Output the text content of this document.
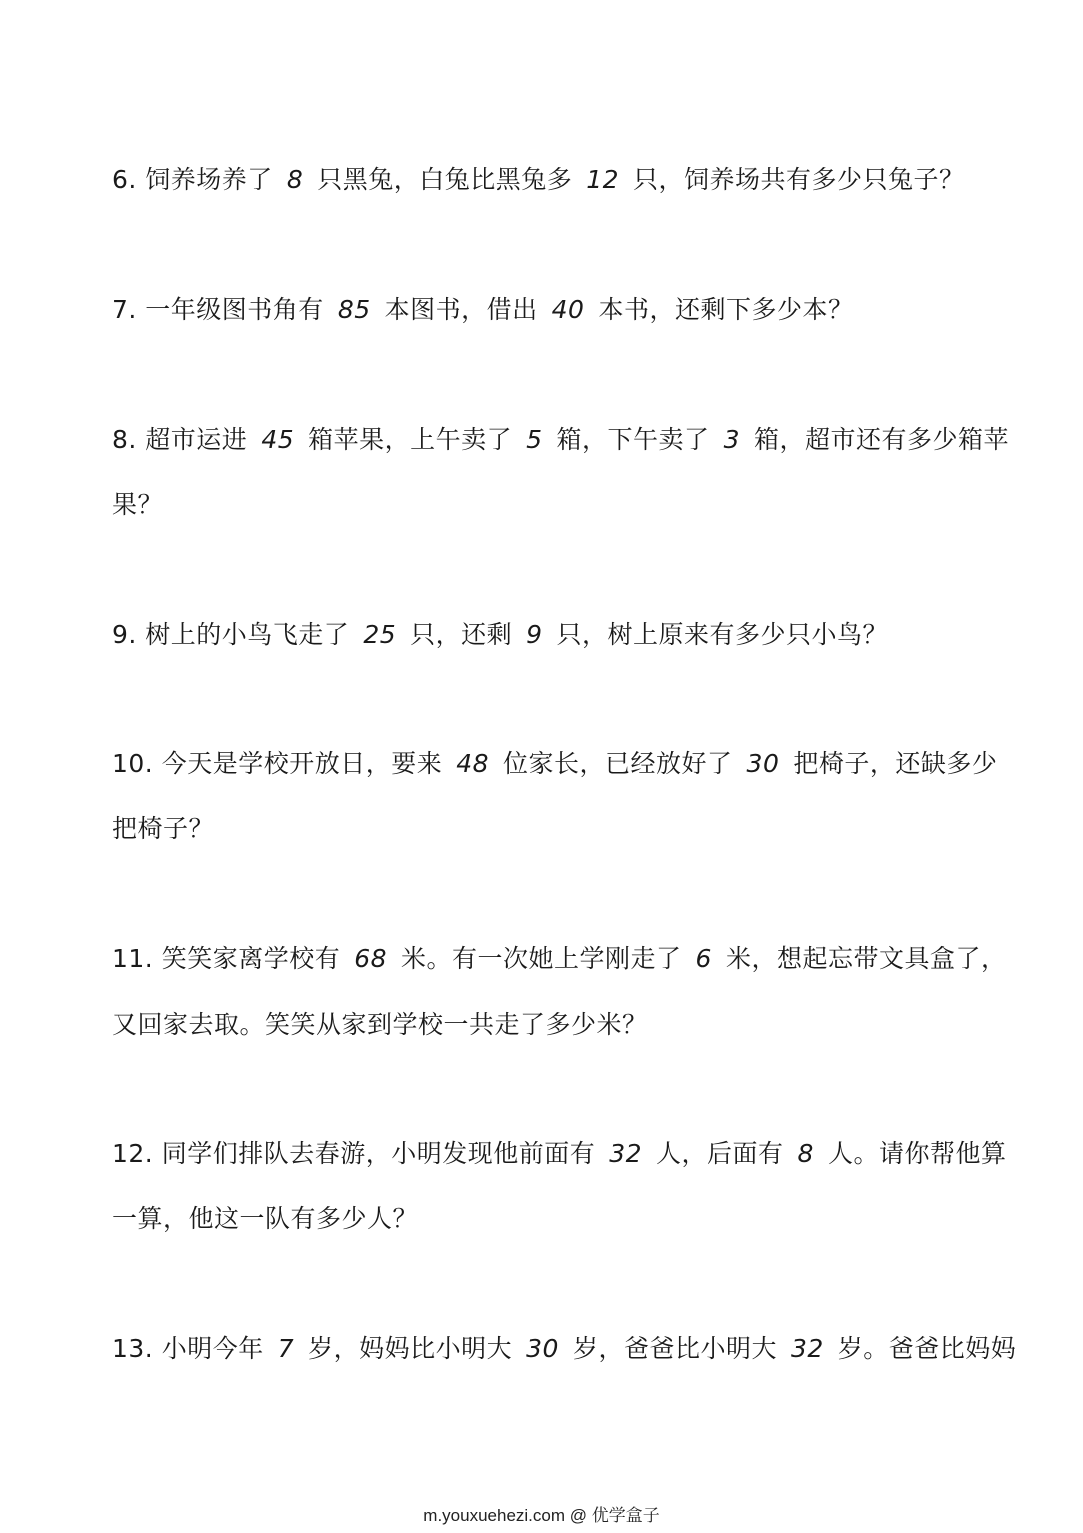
6. 饲养场养了 8 只黑兔，白兔比黑兔多 12 只，饲养场共有多少只兔子？
7. 一年级图书角有 85 本图书，借出 40 本书，还剩下多少本？
8. 超市运进 45 箱苹果，上午卖了 5 箱，下午卖了 3 箱，超市还有多少箱苹
果？
9. 树上的小鸟飞走了 25 只，还剩 9 只，树上原来有多少只小鸟？
10. 今天是学校开放日，要来 48 位家长，已经放好了 30 把椅子，还缺多少
把椅子？
11. 笑笑家离学校有 68 米。有一次她上学刚走了 6 米，想起忘带文具盒了，
又回家去取。笑笑从家到学校一共走了多少米？
12. 同学们排队去春游，小明发现他前面有 32 人，后面有 8 人。请你帮他算
一算，他这一队有多少人？
13. 小明今年 7 岁，妈妈比小明大 30 岁，爸爸比小明大 32 岁。爸爸比妈妈
m.youxuehezi.com @ 优学盒子
